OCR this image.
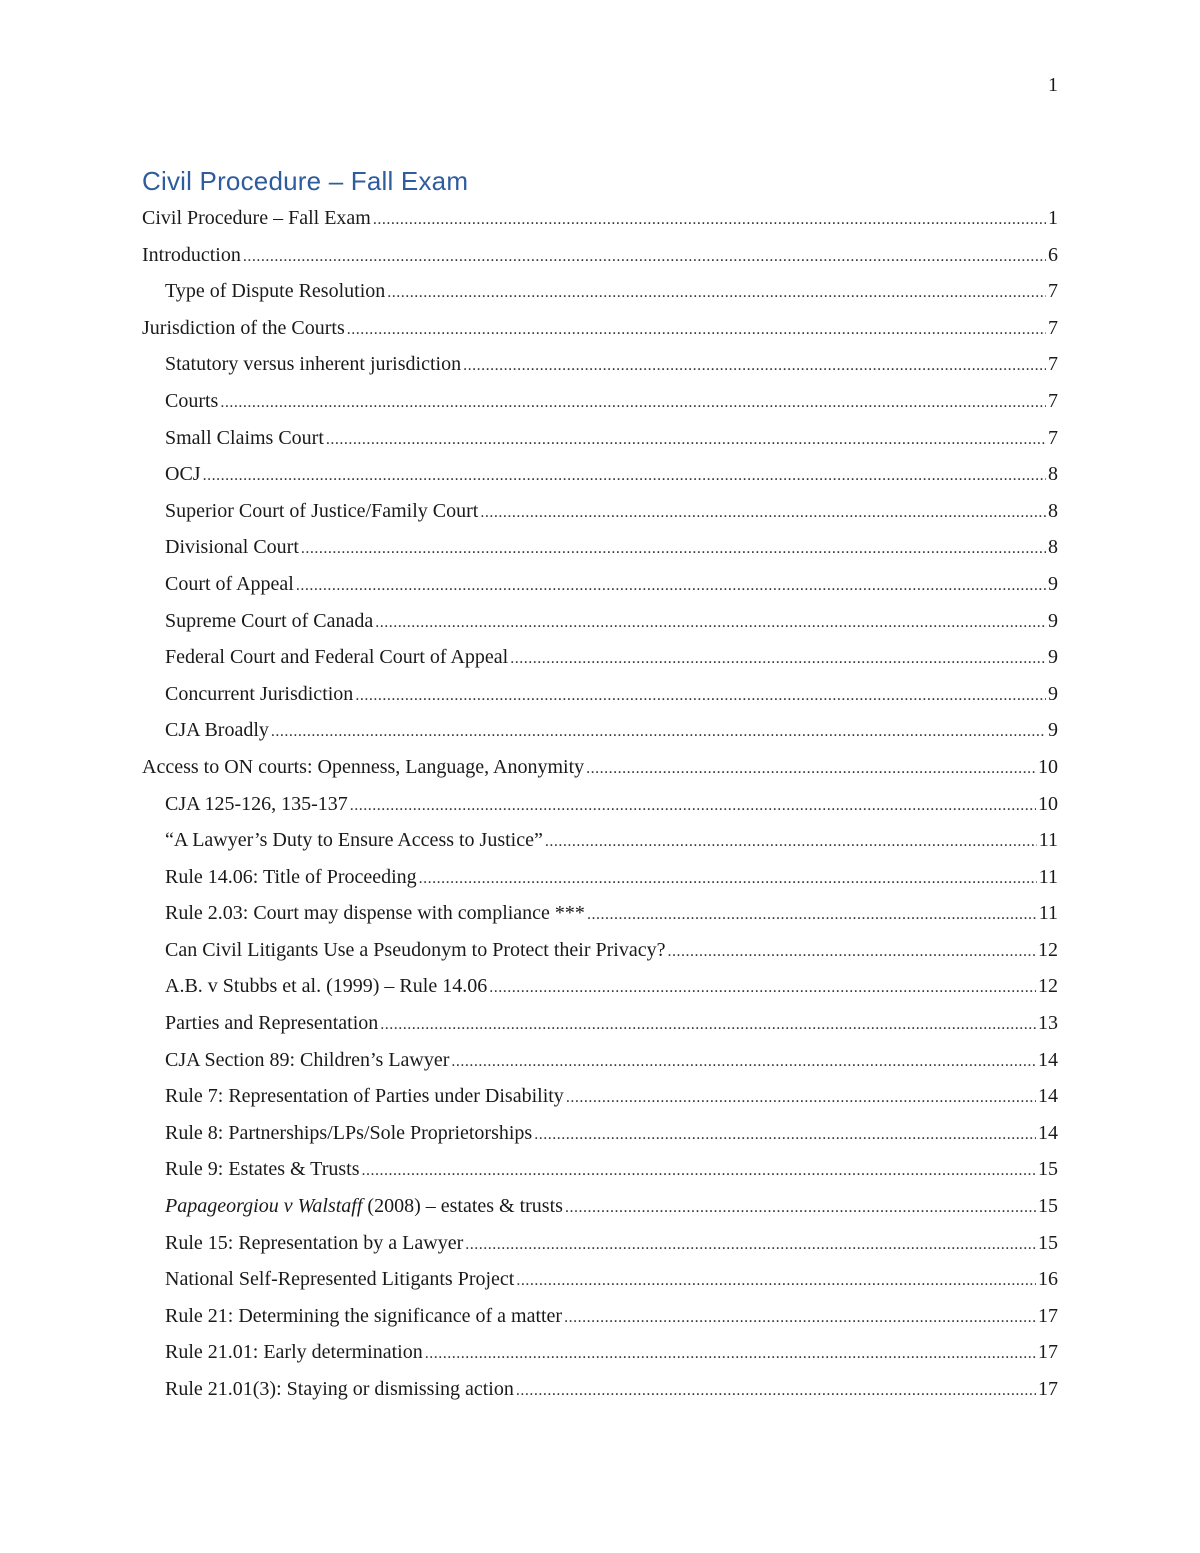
1
Civil Procedure – Fall Exam
Civil Procedure – Fall Exam .....	1
Introduction .....	6
Type of Dispute Resolution .....	7
Jurisdiction of the Courts .....	7
Statutory versus inherent jurisdiction .....	7
Courts .....	7
Small Claims Court .....	7
OCJ .....	8
Superior Court of Justice/Family Court .....	8
Divisional Court .....	8
Court of Appeal .....	9
Supreme Court of Canada .....	9
Federal Court and Federal Court of Appeal .....	9
Concurrent Jurisdiction .....	9
CJA Broadly .....	9
Access to ON courts: Openness, Language, Anonymity .....	10
CJA 125-126, 135-137 .....	10
“A Lawyer’s Duty to Ensure Access to Justice” .....	11
Rule 14.06: Title of Proceeding .....	11
Rule 2.03: Court may dispense with compliance *** .....	11
Can Civil Litigants Use a Pseudonym to Protect their Privacy? .....	12
A.B. v Stubbs et al. (1999) – Rule 14.06 .....	12
Parties and Representation .....	13
CJA Section 89: Children’s Lawyer .....	14
Rule 7: Representation of Parties under Disability .....	14
Rule 8: Partnerships/LPs/Sole Proprietorships .....	14
Rule 9: Estates & Trusts .....	15
Papageorgiou v Walstaff (2008) – estates & trusts .....	15
Rule 15: Representation by a Lawyer .....	15
National Self-Represented Litigants Project .....	16
Rule 21: Determining the significance of a matter .....	17
Rule 21.01: Early determination .....	17
Rule 21.01(3): Staying or dismissing action .....	17
